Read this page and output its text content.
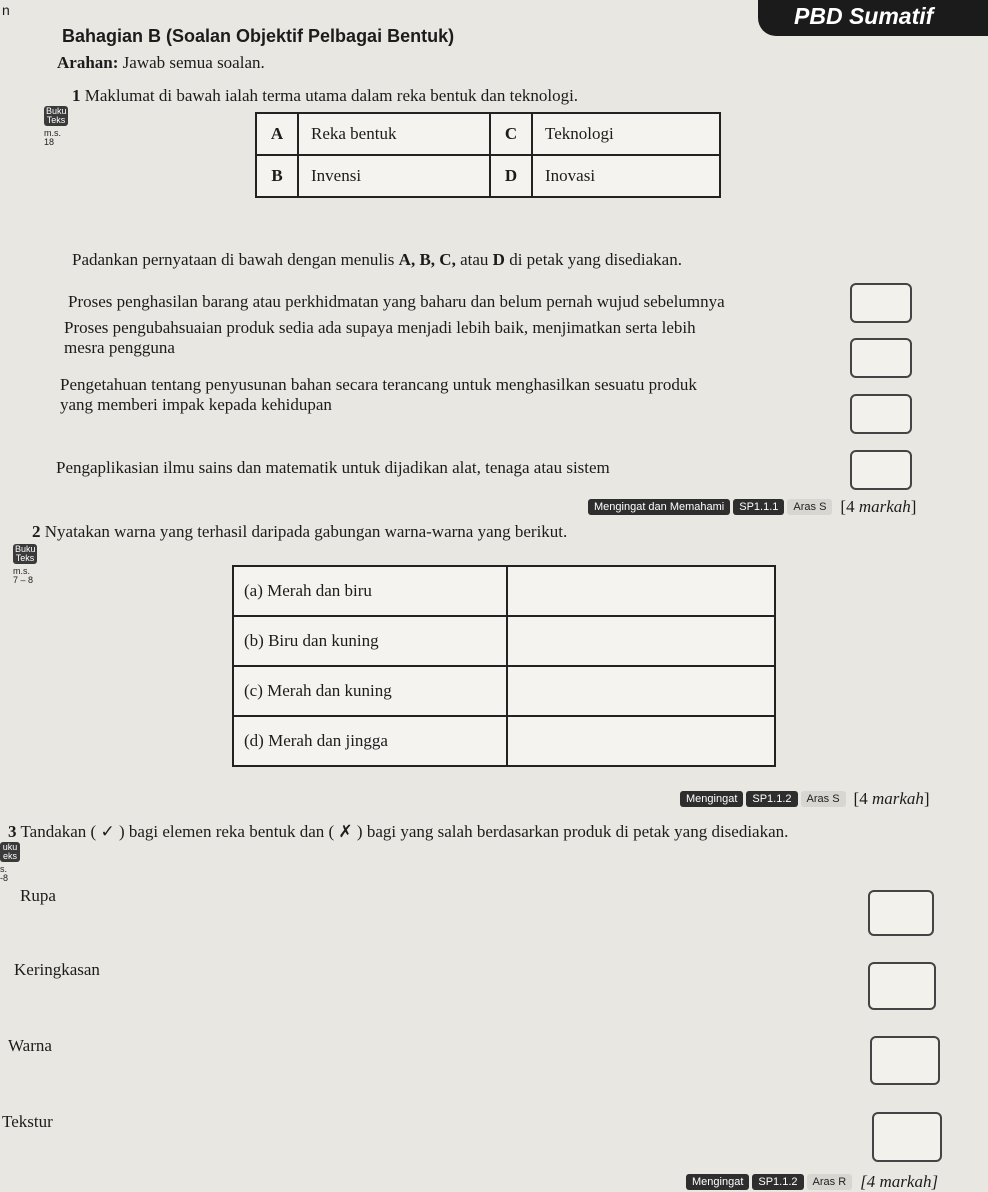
n	PBD Sumatif
Bahagian B (Soalan Objektif Pelbagai Bentuk)
Arahan: Jawab semua soalan.
1 Maklumat di bawah ialah terma utama dalam reka bentuk dan teknologi.
Buku
Teks
m.s. 18	A	Reka bentuk	C	Teknologi
B	Invensi	D	Inovasi
Padankan pernyataan di bawah dengan menulis A, B, C, atau D di petak yang disediakan.
Proses penghasilan barang atau perkhidmatan yang baharu dan belum pernah wujud sebelumnya
Proses pengubahsuaian produk sedia ada supaya menjadi lebih baik, menjimatkan serta lebih
mesra pengguna
Pengetahuan tentang penyusunan bahan secara terancang untuk menghasilkan sesuatu produk
yang memberi impak kepada kehidupan
Pengaplikasian ilmu sains dan matematik untuk dijadikan alat, tenaga atau sistem
Mengingat dan Memahami	SP1.1.1	Aras S [4 markah]
2 Nyatakan warna yang terhasil daripada gabungan warna-warna yang berikut.
Buku
Teks
m.s.
7 – 8
(a) Merah dan biru	
(b) Biru dan kuning	
(c) Merah dan kuning	
(d) Merah dan jingga	
Mengingat	SP1.1.2	Aras S [4 markah]
3 Tandakan ( ✓ ) bagi elemen reka bentuk dan ( ✗ ) bagi yang salah berdasarkan produk di petak yang disediakan.
uku
eks
s.
-8
Rupa
Keringkasan
Warna
Tekstur
Mengingat	SP1.1.2	Aras R [4 markah]
